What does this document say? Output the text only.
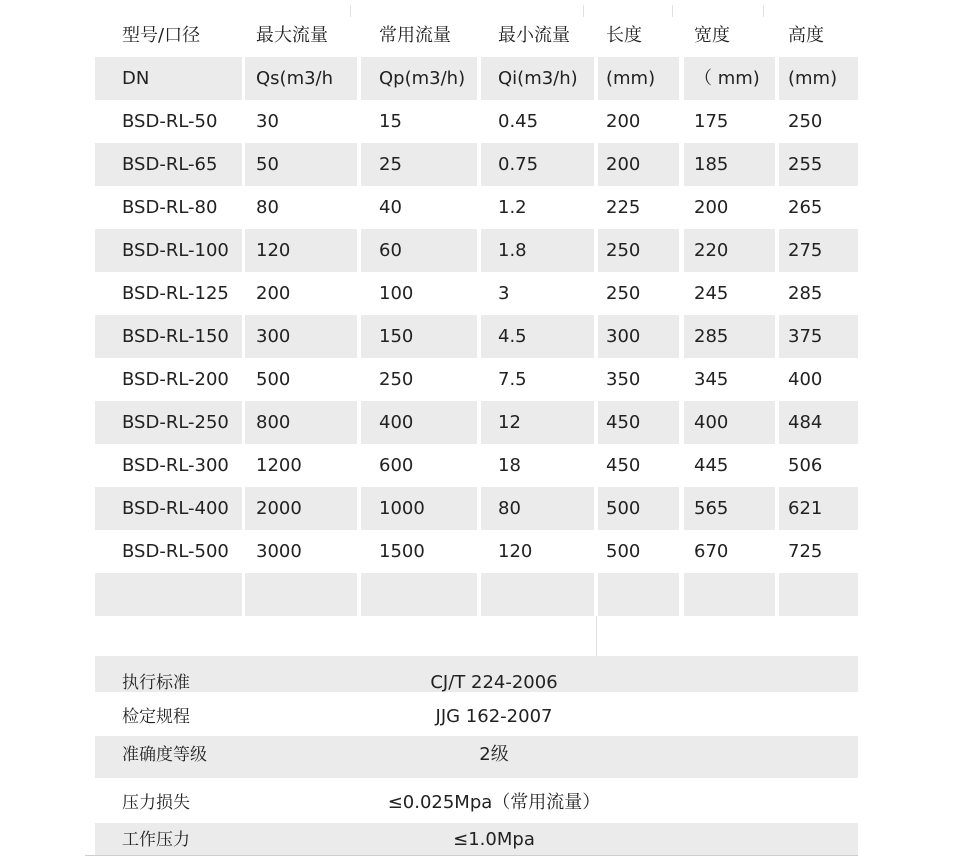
型号/口径	最大流量	常用流量	最小流量	长度	宽度	高度
DN	Qs(m3/h	Qp(m3/h)	Qi(m3/h)	(mm)	（ mm)	(mm)
BSD-RL-50	30	15	0.45	200	175	250
BSD-RL-65	50	25	0.75	200	185	255
BSD-RL-80	80	40	1.2	225	200	265
BSD-RL-100	120	60	1.8	250	220	275
BSD-RL-125	200	100	3	250	245	285
BSD-RL-150	300	150	4.5	300	285	375
BSD-RL-200	500	250	7.5	350	345	400
BSD-RL-250	800	400	12	450	400	484
BSD-RL-300	1200	600	18	450	445	506
BSD-RL-400	2000	1000	80	500	565	621
BSD-RL-500	3000	1500	120	500	670	725
执行标准	CJ/T 224-2006
检定规程	JJG 162-2007
准确度等级	2级
压力损失	≤0.025Mpa（常用流量）
工作压力	≤1.0Mpa
